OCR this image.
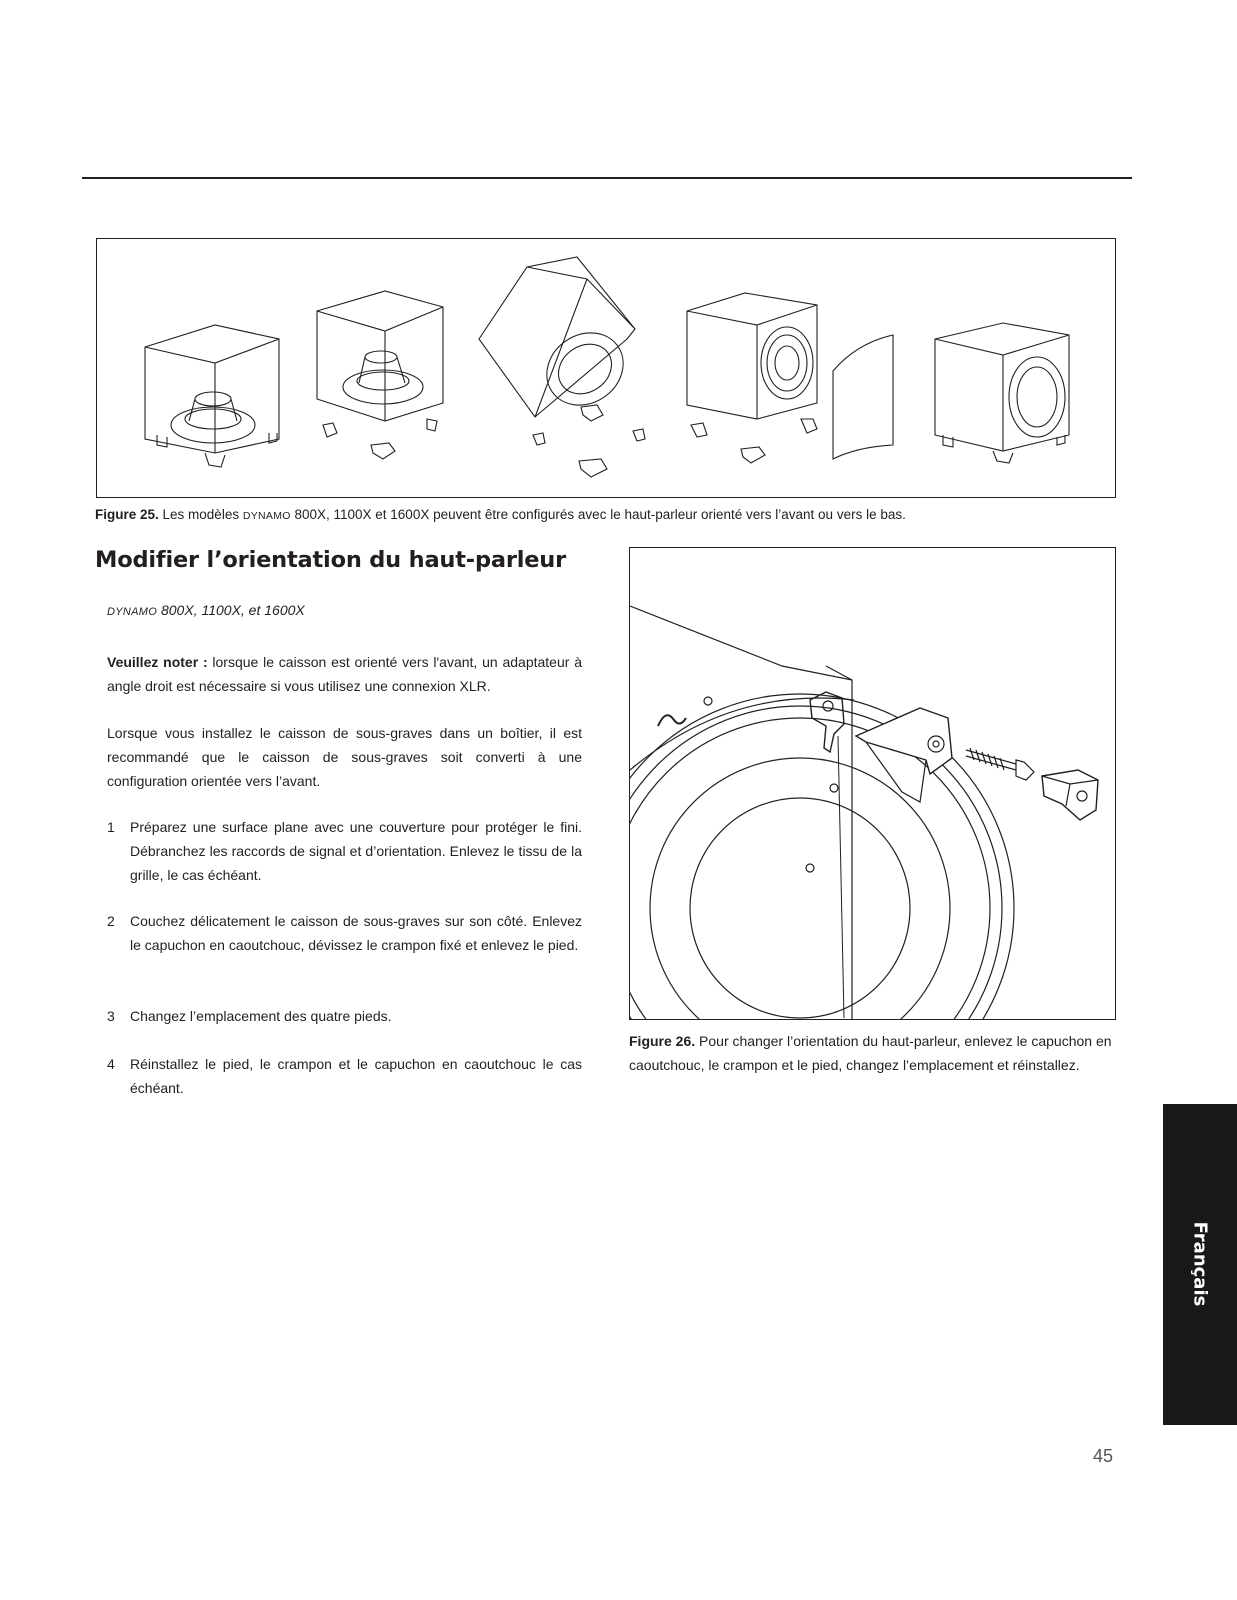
Figure 25. Les modèles DYNAMO 800X, 1100X et 1600X peuvent être configurés avec le haut-parleur orienté vers l’avant ou vers le bas.
Modifier l’orientation du haut-parleur
DYNAMO 800X, 1100X, et 1600X
Veuillez noter : lorsque le caisson est orienté vers l'avant, un adaptateur à angle droit est nécessaire si vous utilisez une connexion XLR.
Lorsque vous installez le caisson de sous-graves dans un boîtier, il est recommandé que le caisson de sous-graves soit converti à une configuration orientée vers l’avant.
1 Préparez une surface plane avec une couverture pour protéger le fini. Débranchez les raccords de signal et d’orientation. Enlevez le tissu de la grille, le cas échéant.
2 Couchez délicatement le caisson de sous-graves sur son côté. Enlevez le capuchon en caoutchouc, dévissez le crampon fixé et enlevez le pied.
3 Changez l’emplacement des quatre pieds.
4 Réinstallez le pied, le crampon et le capuchon en caoutchouc le cas échéant.
Figure 26. Pour changer l’orientation du haut-parleur, enlevez le capuchon en caoutchouc, le crampon et le pied, changez l’emplacement et réinstallez.
Français
45
